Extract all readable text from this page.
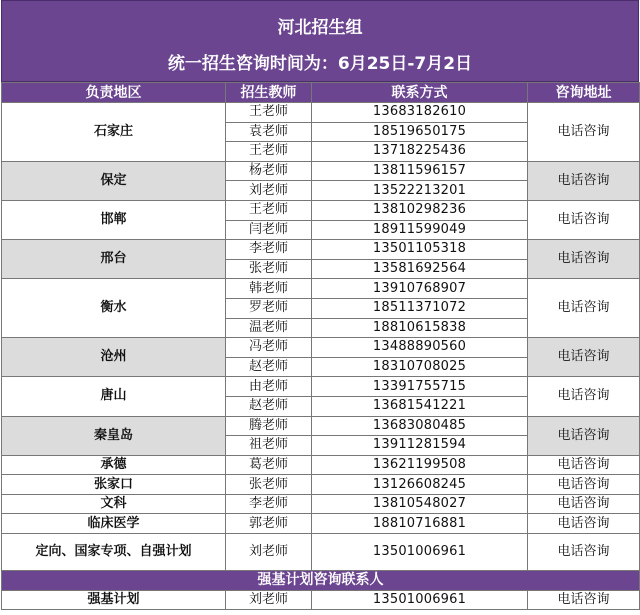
河北招生组
统一招生咨询时间为：6月25日-7月2日
负责地区	招生教师	联系方式	咨询地址
石家庄	王老师	13683182610	电话咨询
	袁老师	18519650175	
	王老师	13718225436	
保定	杨老师	13811596157	电话咨询
	刘老师	13522213201	
邯郸	王老师	13810298236	电话咨询
	闫老师	18911599049	
邢台	李老师	13501105318	电话咨询
	张老师	13581692564	
衡水	韩老师	13910768907	电话咨询
	罗老师	18511371072	
	温老师	18810615838	
沧州	冯老师	13488890560	电话咨询
	赵老师	18310708025	
唐山	由老师	13391755715	电话咨询
	赵老师	13681541221	
秦皇岛	腾老师	13683080485	电话咨询
	祖老师	13911281594	
承德	葛老师	13621199508	电话咨询
张家口	张老师	13126608245	电话咨询
文科	李老师	13810548027	电话咨询
临床医学	郭老师	18810716881	电话咨询
定向、国家专项、自强计划	刘老师	13501006961	电话咨询
强基计划咨询联系人			
强基计划	刘老师	13501006961	电话咨询
